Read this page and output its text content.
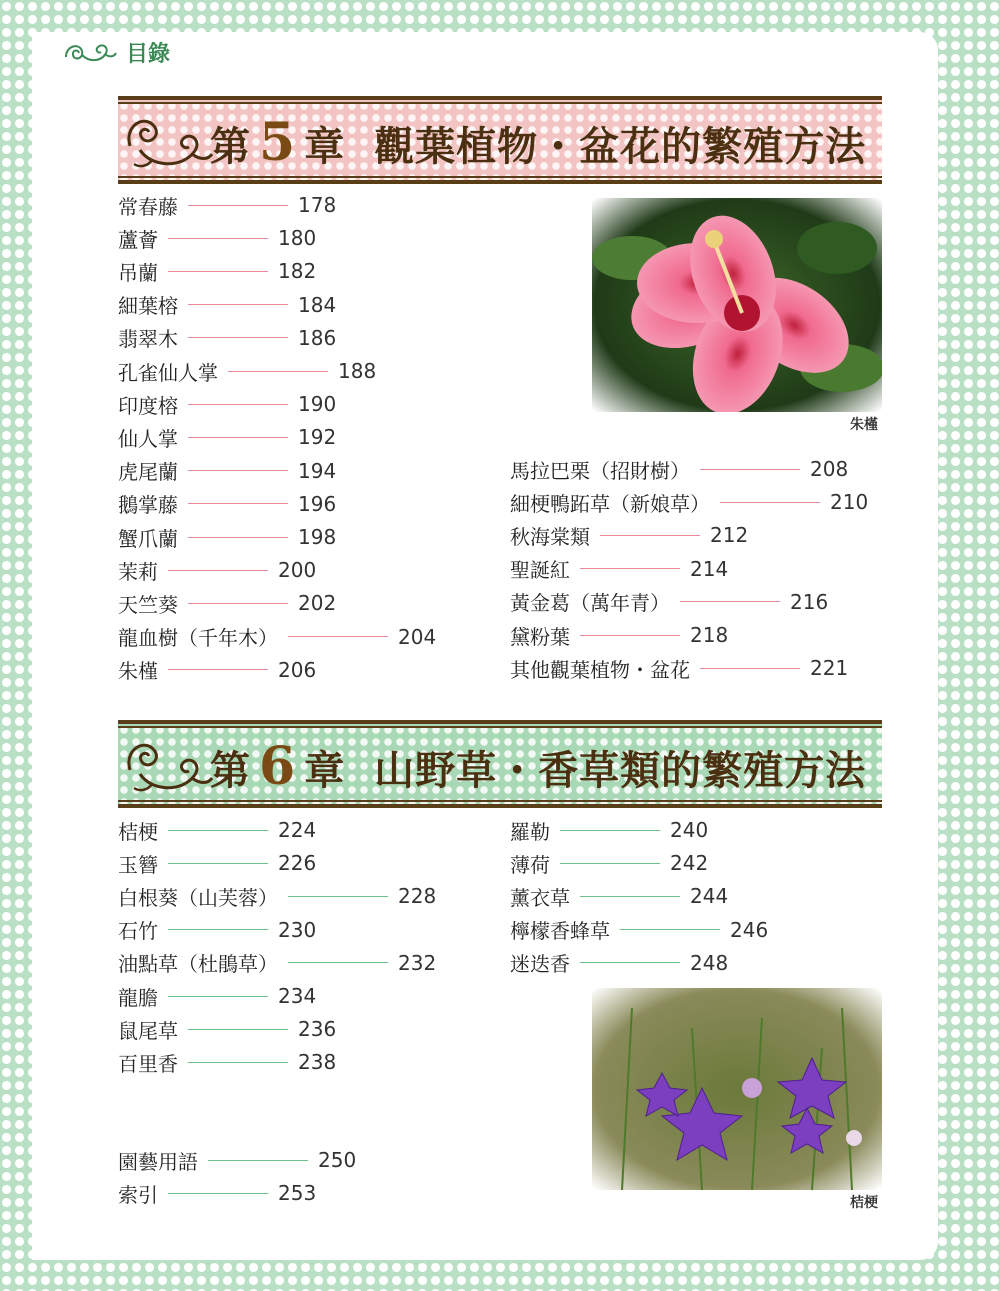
目錄
第 5 章 觀葉植物・盆花的繁殖方法
常春藤	178
蘆薈	180
吊蘭	182
細葉榕	184
翡翠木	186
孔雀仙人掌	188
印度榕	190
仙人掌	192
虎尾蘭	194
鵝掌藤	196
蟹爪蘭	198
茉莉	200
天竺葵	202
龍血樹（千年木）	204
朱槿	206
馬拉巴栗（招財樹）	208
細梗鴨跖草（新娘草）	210
秋海棠類	212
聖誕紅	214
黃金葛（萬年青）	216
黛粉葉	218
其他觀葉植物・盆花	221
朱槿
第 6 章 山野草・香草類的繁殖方法
桔梗	224
玉簪	226
白根葵（山芙蓉）	228
石竹	230
油點草（杜鵑草）	232
龍膽	234
鼠尾草	236
百里香	238
羅勒	240
薄荷	242
薰衣草	244
檸檬香蜂草	246
迷迭香	248
園藝用語	250
索引	253	桔梗
